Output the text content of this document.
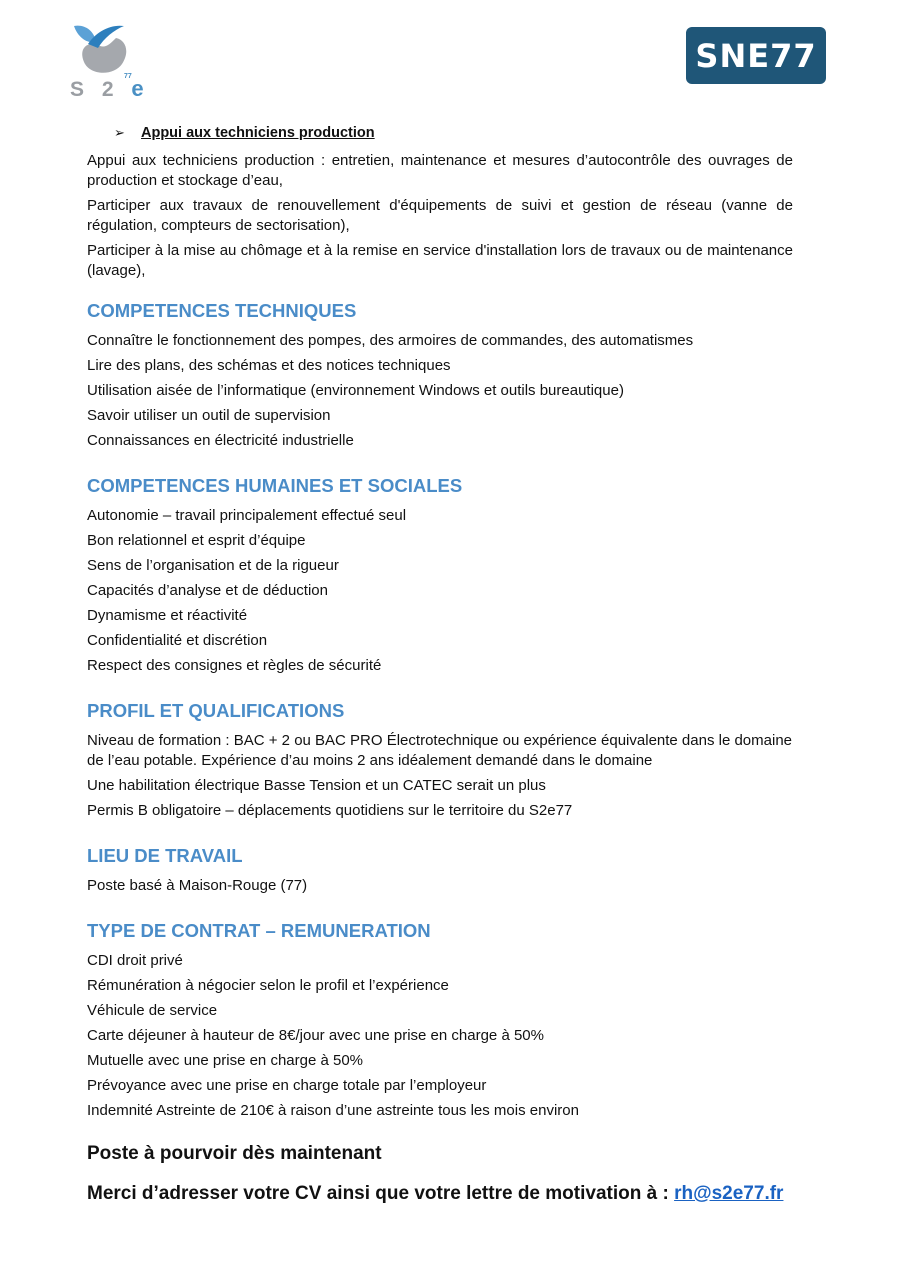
S 2 e
77
SNE77
➢	Appui aux techniciens production

Appui aux techniciens production : entretien, maintenance et mesures d’autocontrôle des ouvrages de production et stockage d’eau,

Participer aux travaux de renouvellement d'équipements de suivi et gestion de réseau (vanne de régulation, compteurs de sectorisation),

Participer à la mise au chômage et à la remise en service d'installation lors de travaux ou de maintenance (lavage),

COMPETENCES TECHNIQUES

Connaître le fonctionnement des pompes, des armoires de commandes, des automatismes

Lire des plans, des schémas et des notices techniques

Utilisation aisée de l’informatique (environnement Windows et outils bureautique)

Savoir utiliser un outil de supervision

Connaissances en électricité industrielle

COMPETENCES HUMAINES ET SOCIALES

Autonomie – travail principalement effectué seul

Bon relationnel et esprit d’équipe

Sens de l’organisation et de la rigueur

Capacités d’analyse et de déduction

Dynamisme et réactivité

Confidentialité et discrétion

Respect des consignes et règles de sécurité

PROFIL ET QUALIFICATIONS

Niveau de formation : BAC + 2 ou BAC PRO Électrotechnique ou expérience équivalente dans le domaine de l’eau potable. Expérience d’au moins 2 ans idéalement demandé dans le domaine

Une habilitation électrique Basse Tension et un CATEC serait un plus

Permis B obligatoire – déplacements quotidiens sur le territoire du S2e77

LIEU DE TRAVAIL

Poste basé à Maison-Rouge (77)

TYPE DE CONTRAT – REMUNERATION

CDI droit privé

Rémunération à négocier selon le profil et l’expérience

Véhicule de service

Carte déjeuner à hauteur de 8€/jour avec une prise en charge à 50%

Mutuelle avec une prise en charge à 50%

Prévoyance avec une prise en charge totale par l’employeur

Indemnité Astreinte de 210€ à raison d’une astreinte tous les mois environ

Poste à pourvoir dès maintenant

Merci d’adresser votre CV ainsi que votre lettre de motivation à : rh@s2e77.fr
